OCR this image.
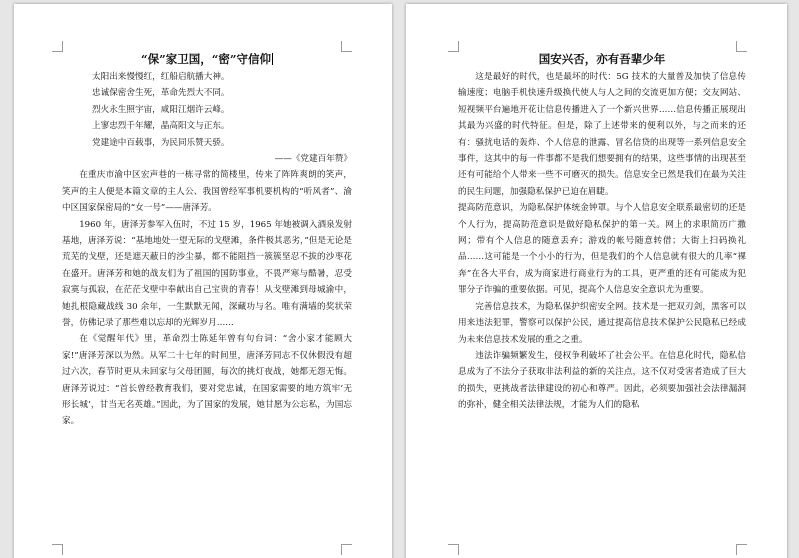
“保”家卫国，“密”守信仰
太阳出来慢慢红，红船启航播大神。
忠诚保密舍生死，革命先烈大不同。
烈火永生照宇宙，咸阳江烟许云峰。
上寥忠烈千年耀，晶高阳文与正东。
党建途中百载事，为民同乐赞天骄。
——《党建百年赞》

在重庆市渝中区宏声巷的一栋寻常的简楼里，传来了阵阵爽朗的笑声，笑声的主人便是本篇文章的主人公、我国曾经军事机要机构的“听风者”、渝中区国家保密局的“女一号”——唐泽芳。

1960 年，唐泽芳参军入伍时，不过 15 岁，1965 年她被调入酒泉发射基地，唐泽芳说：“基地地处一望无际的戈壁滩，条件极其恶劣，”但是无论是荒芜的戈壁，还是遮天蔽日的沙尘暴，都不能阻挡一簇簇坚忍不拔的沙枣花在盛开。唐泽芳和她的战友们为了祖国的国防事业，不畏严寒与酷暑，忍受寂寞与孤寂，在茫茫戈壁中奉献出自己宝贵的青春！从戈壁滩到母城渝中，她扎根隐藏战线 30 余年，一生默默无闻，深藏功与名。唯有满墙的奖状荣誉，仿佛记录了那些难以忘却的光辉岁月……

在《觉醒年代》里，革命烈士陈延年曾有句台词：“舍小家才能顾大家!”唐泽芳深以为然。从军二十七年的时间里，唐泽芳同志不仅休假没有超过六次，春节时更从未回家与父母团圆，每次的挑灯夜战，她都无怨无悔。唐泽芳说过：“首长曾经教育我们，要对党忠诚，在国家需要的地方筑牢‘无形长城’，甘当无名英雄。”因此，为了国家的发展，她甘愿为公忘私，为国忘家。

国安兴否，亦有吾辈少年

这是最好的时代，也是最坏的时代：5G 技术的大量普及加快了信息传输速度；电脑手机快速升级换代使人与人之间的交流更加方便；交友网站、短视频平台遍地开花让信息传播进入了一个新兴世界……信息传播正展现出其最为兴盛的时代特征。但是，除了上述带来的便利以外，与之而来的还有：骚扰电话的轰炸、个人信息的泄露、冒名信贷的出现等一系列信息安全事件，这其中的每一件事都不是我们想要拥有的结果，这些事情的出现甚至还有可能给个人带来一些不可磨灭的损失。信息安全已然是我们在最为关注的民生问题，加强隐私保护已迫在眉睫。

提高防范意识，为隐私保护体统金钟罩。与个人信息安全联系最密切的还是个人行为，提高防范意识是做好隐私保护的第一关。网上的求职简历广撒网；带有个人信息的随意丢弃；游戏的帐号随意转借；大街上扫码换礼品……这可能是一个小小的行为，但是我们的个人信息就有很大的几率“裸奔”在各大平台，成为商家进行商业行为的工具，更严重的还有可能成为犯罪分子诈骗的重要依据。可见，提高个人信息安全意识尤为重要。

完善信息技术，为隐私保护织密安全网。技术是一把双刃剑，黑客可以用来违法犯罪，警察可以保护公民，通过提高信息技术保护公民隐私已经成为未来信息技术发展的重之之重。

违法诈骗频繁发生，侵权争利破坏了社会公平。在信息化时代，隐私信息成为了不法分子获取非法利益的新的关注点，这不仅对受害者造成了巨大的损失，更挑战者法律建设的初心和尊严。因此，必须要加强社会法律漏洞的弥补，健全相关法律法规，才能为人们的隐私
